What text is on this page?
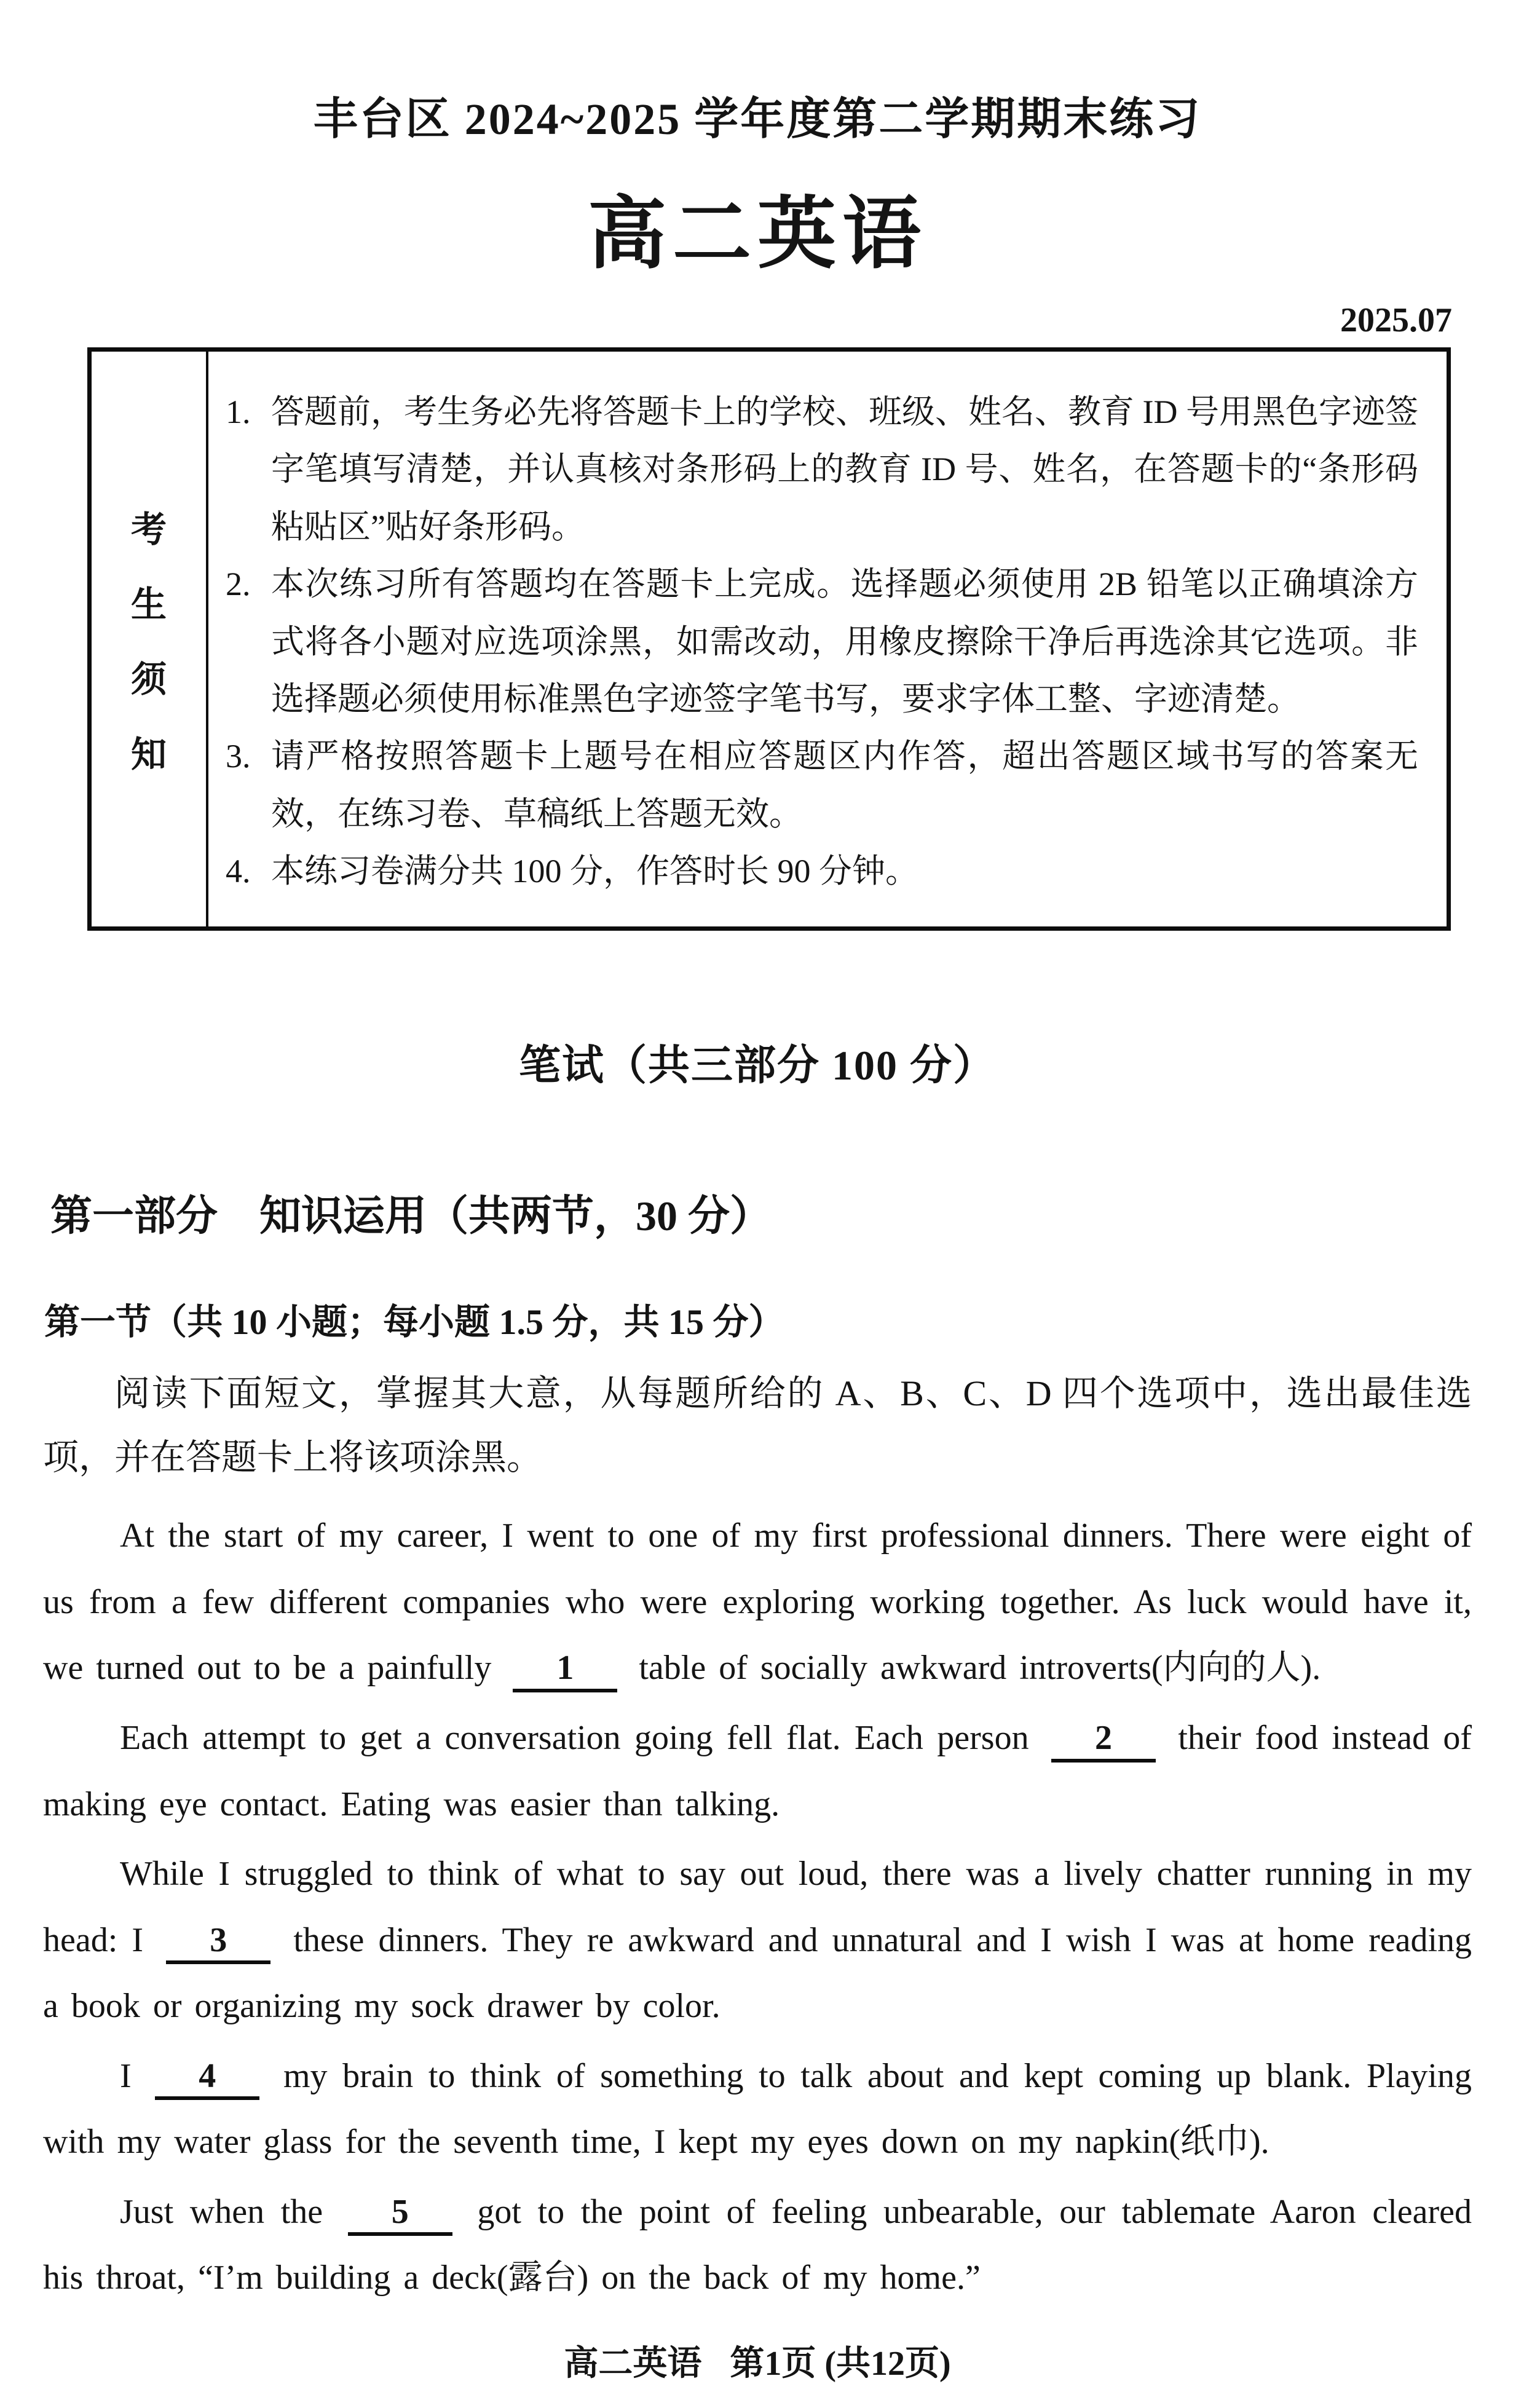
丰台区 2024~2025 学年度第二学期期末练习
高二英语
2025.07
考
生
须
知
1. 答题前，考生务必先将答题卡上的学校、班级、姓名、教育 ID 号用黑色字迹签字笔填写清楚，并认真核对条形码上的教育 ID 号、姓名，在答题卡的“条形码粘贴区”贴好条形码。
2. 本次练习所有答题均在答题卡上完成。选择题必须使用 2B 铅笔以正确填涂方式将各小题对应选项涂黑，如需改动，用橡皮擦除干净后再选涂其它选项。非选择题必须使用标准黑色字迹签字笔书写，要求字体工整、字迹清楚。
3. 请严格按照答题卡上题号在相应答题区内作答，超出答题区域书写的答案无效，在练习卷、草稿纸上答题无效。
4. 本练习卷满分共 100 分，作答时长 90 分钟。
笔试（共三部分 100 分）
第一部分　知识运用（共两节，30 分）
第一节（共 10 小题；每小题 1.5 分，共 15 分）
阅读下面短文，掌握其大意，从每题所给的 A、B、C、D 四个选项中，选出最佳选项，并在答题卡上将该项涂黑。

At the start of my career, I went to one of my first professional dinners. There were eight of us from a few different companies who were exploring working together. As luck would have it, we turned out to be a painfully 1 table of socially awkward introverts(内向的人).

Each attempt to get a conversation going fell flat. Each person 2 their food instead of making eye contact. Eating was easier than talking.

While I struggled to think of what to say out loud, there was a lively chatter running in my head: I 3 these dinners. They re awkward and unnatural and I wish I was at home reading a book or organizing my sock drawer by color.

I 4 my brain to think of something to talk about and kept coming up blank. Playing with my water glass for the seventh time, I kept my eyes down on my napkin(纸巾).

Just when the 5 got to the point of feeling unbearable, our tablemate Aaron cleared his throat, “I’m building a deck(露台) on the back of my home.”

高二英语 第1页 (共12页)
